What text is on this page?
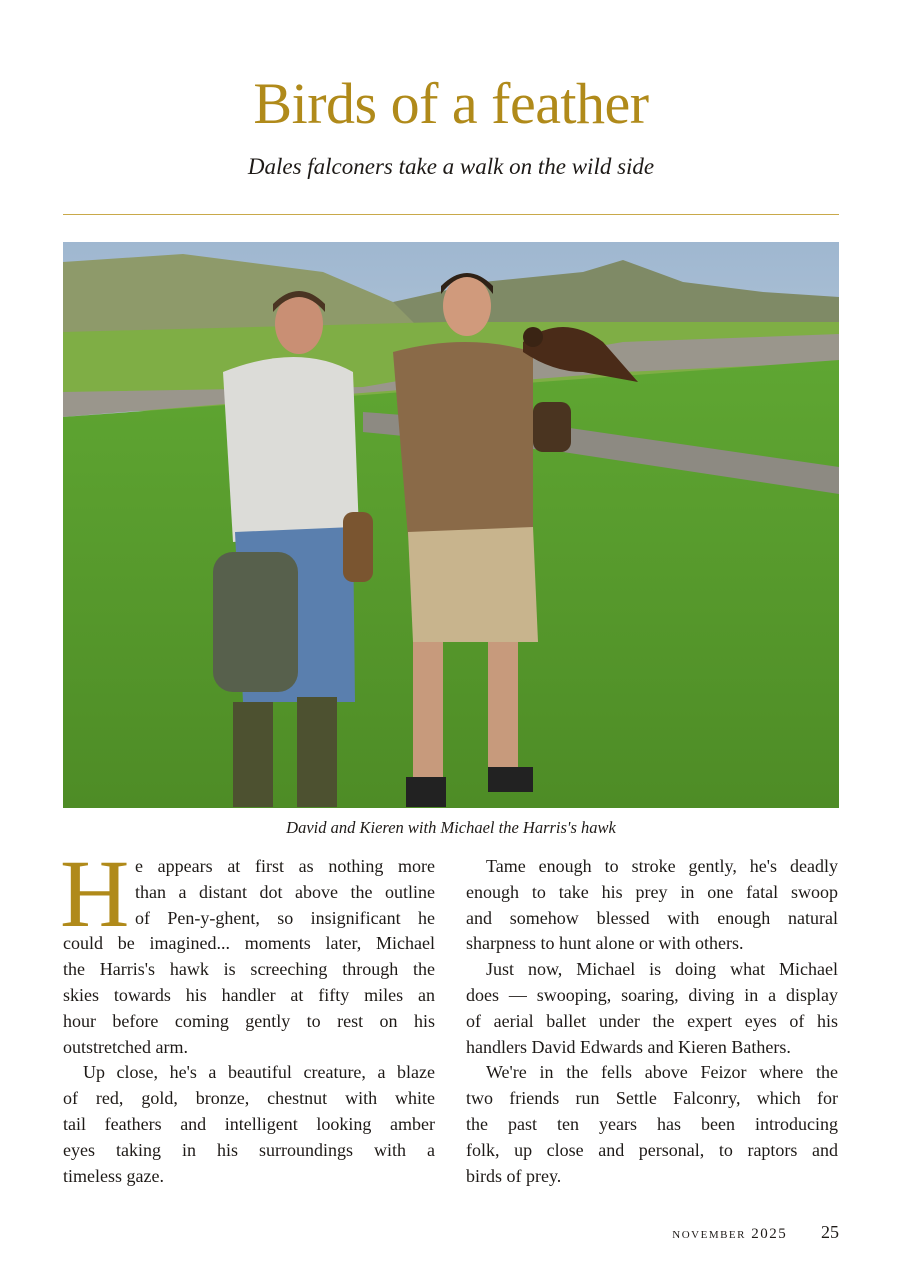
Birds of a feather
Dales falconers take a walk on the wild side
David and Kieren with Michael the Harris's hawk
H e appears at first as nothing more
than a distant dot above the outline
of Pen-y-ghent, so insignificant he
could be imagined... moments later, Michael
the Harris's hawk is screeching through the
skies towards his handler at fifty miles an
hour before coming gently to rest on his
outstretched arm.
Up close, he's a beautiful creature, a blaze
of red, gold, bronze, chestnut with white
tail feathers and intelligent looking amber
eyes taking in his surroundings with a
timeless gaze.
Tame enough to stroke gently, he's deadly
enough to take his prey in one fatal swoop
and somehow blessed with enough natural
sharpness to hunt alone or with others.
Just now, Michael is doing what Michael
does — swooping, soaring, diving in a display
of aerial ballet under the expert eyes of his
handlers David Edwards and Kieren Bathers.
We're in the fells above Feizor where the
two friends run Settle Falconry, which for
the past ten years has been introducing
folk, up close and personal, to raptors and
birds of prey.
november 2025 25
